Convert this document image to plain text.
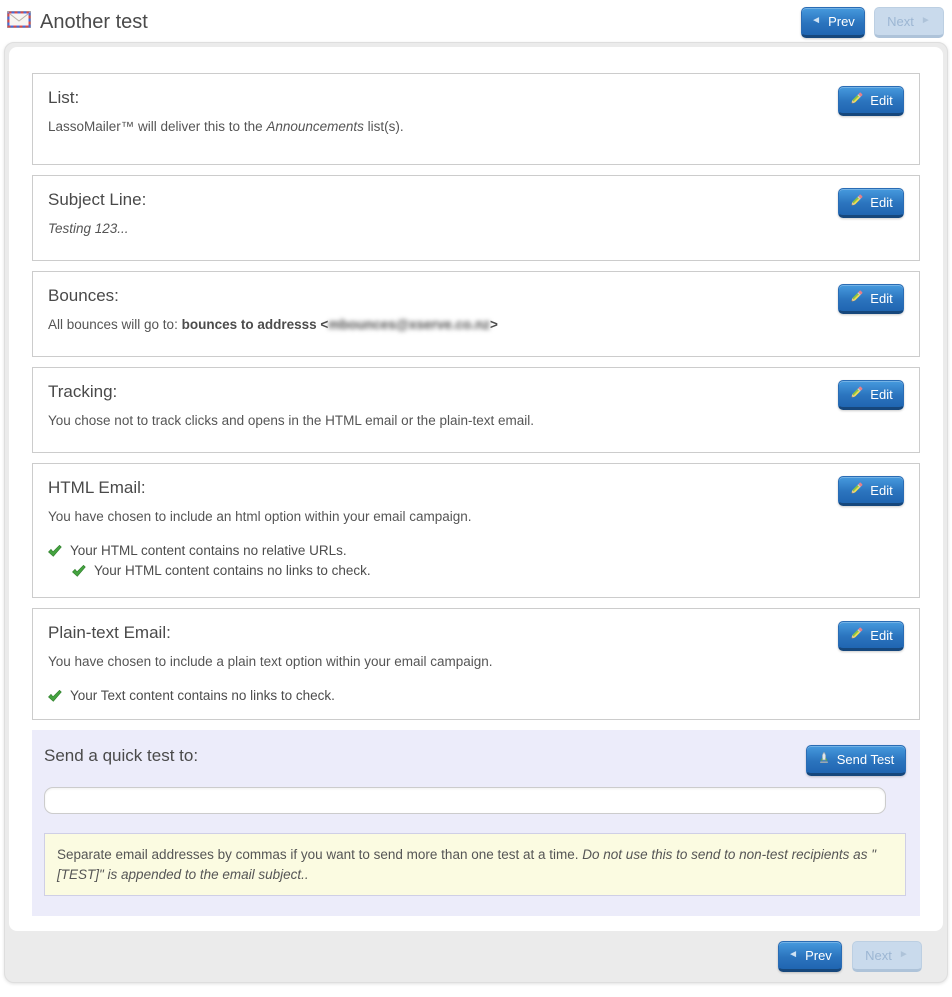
Another test	◄ Prev Next ►
List:
LassoMailer™ will deliver this to the Announcements list(s).
Edit
Subject Line:
Testing 123...
Edit
Bounces:
All bounces will go to: bounces to addresss <mbounces@xserve.co.nz>
Edit
Tracking:
You chose not to track clicks and opens in the HTML email or the plain-text email.
Edit
HTML Email:
You have chosen to include an html option within your email campaign.
Your HTML content contains no relative URLs.
Your HTML content contains no links to check.
Edit
Plain-text Email:
You have chosen to include a plain text option within your email campaign.
Your Text content contains no links to check.
Edit
Send a quick test to:	Send Test
Separate email addresses by commas if you want to send more than one test at a time. Do not use this to send to non-test recipients as " [TEST]" is appended to the email subject..
◄ Prev	Next ►
